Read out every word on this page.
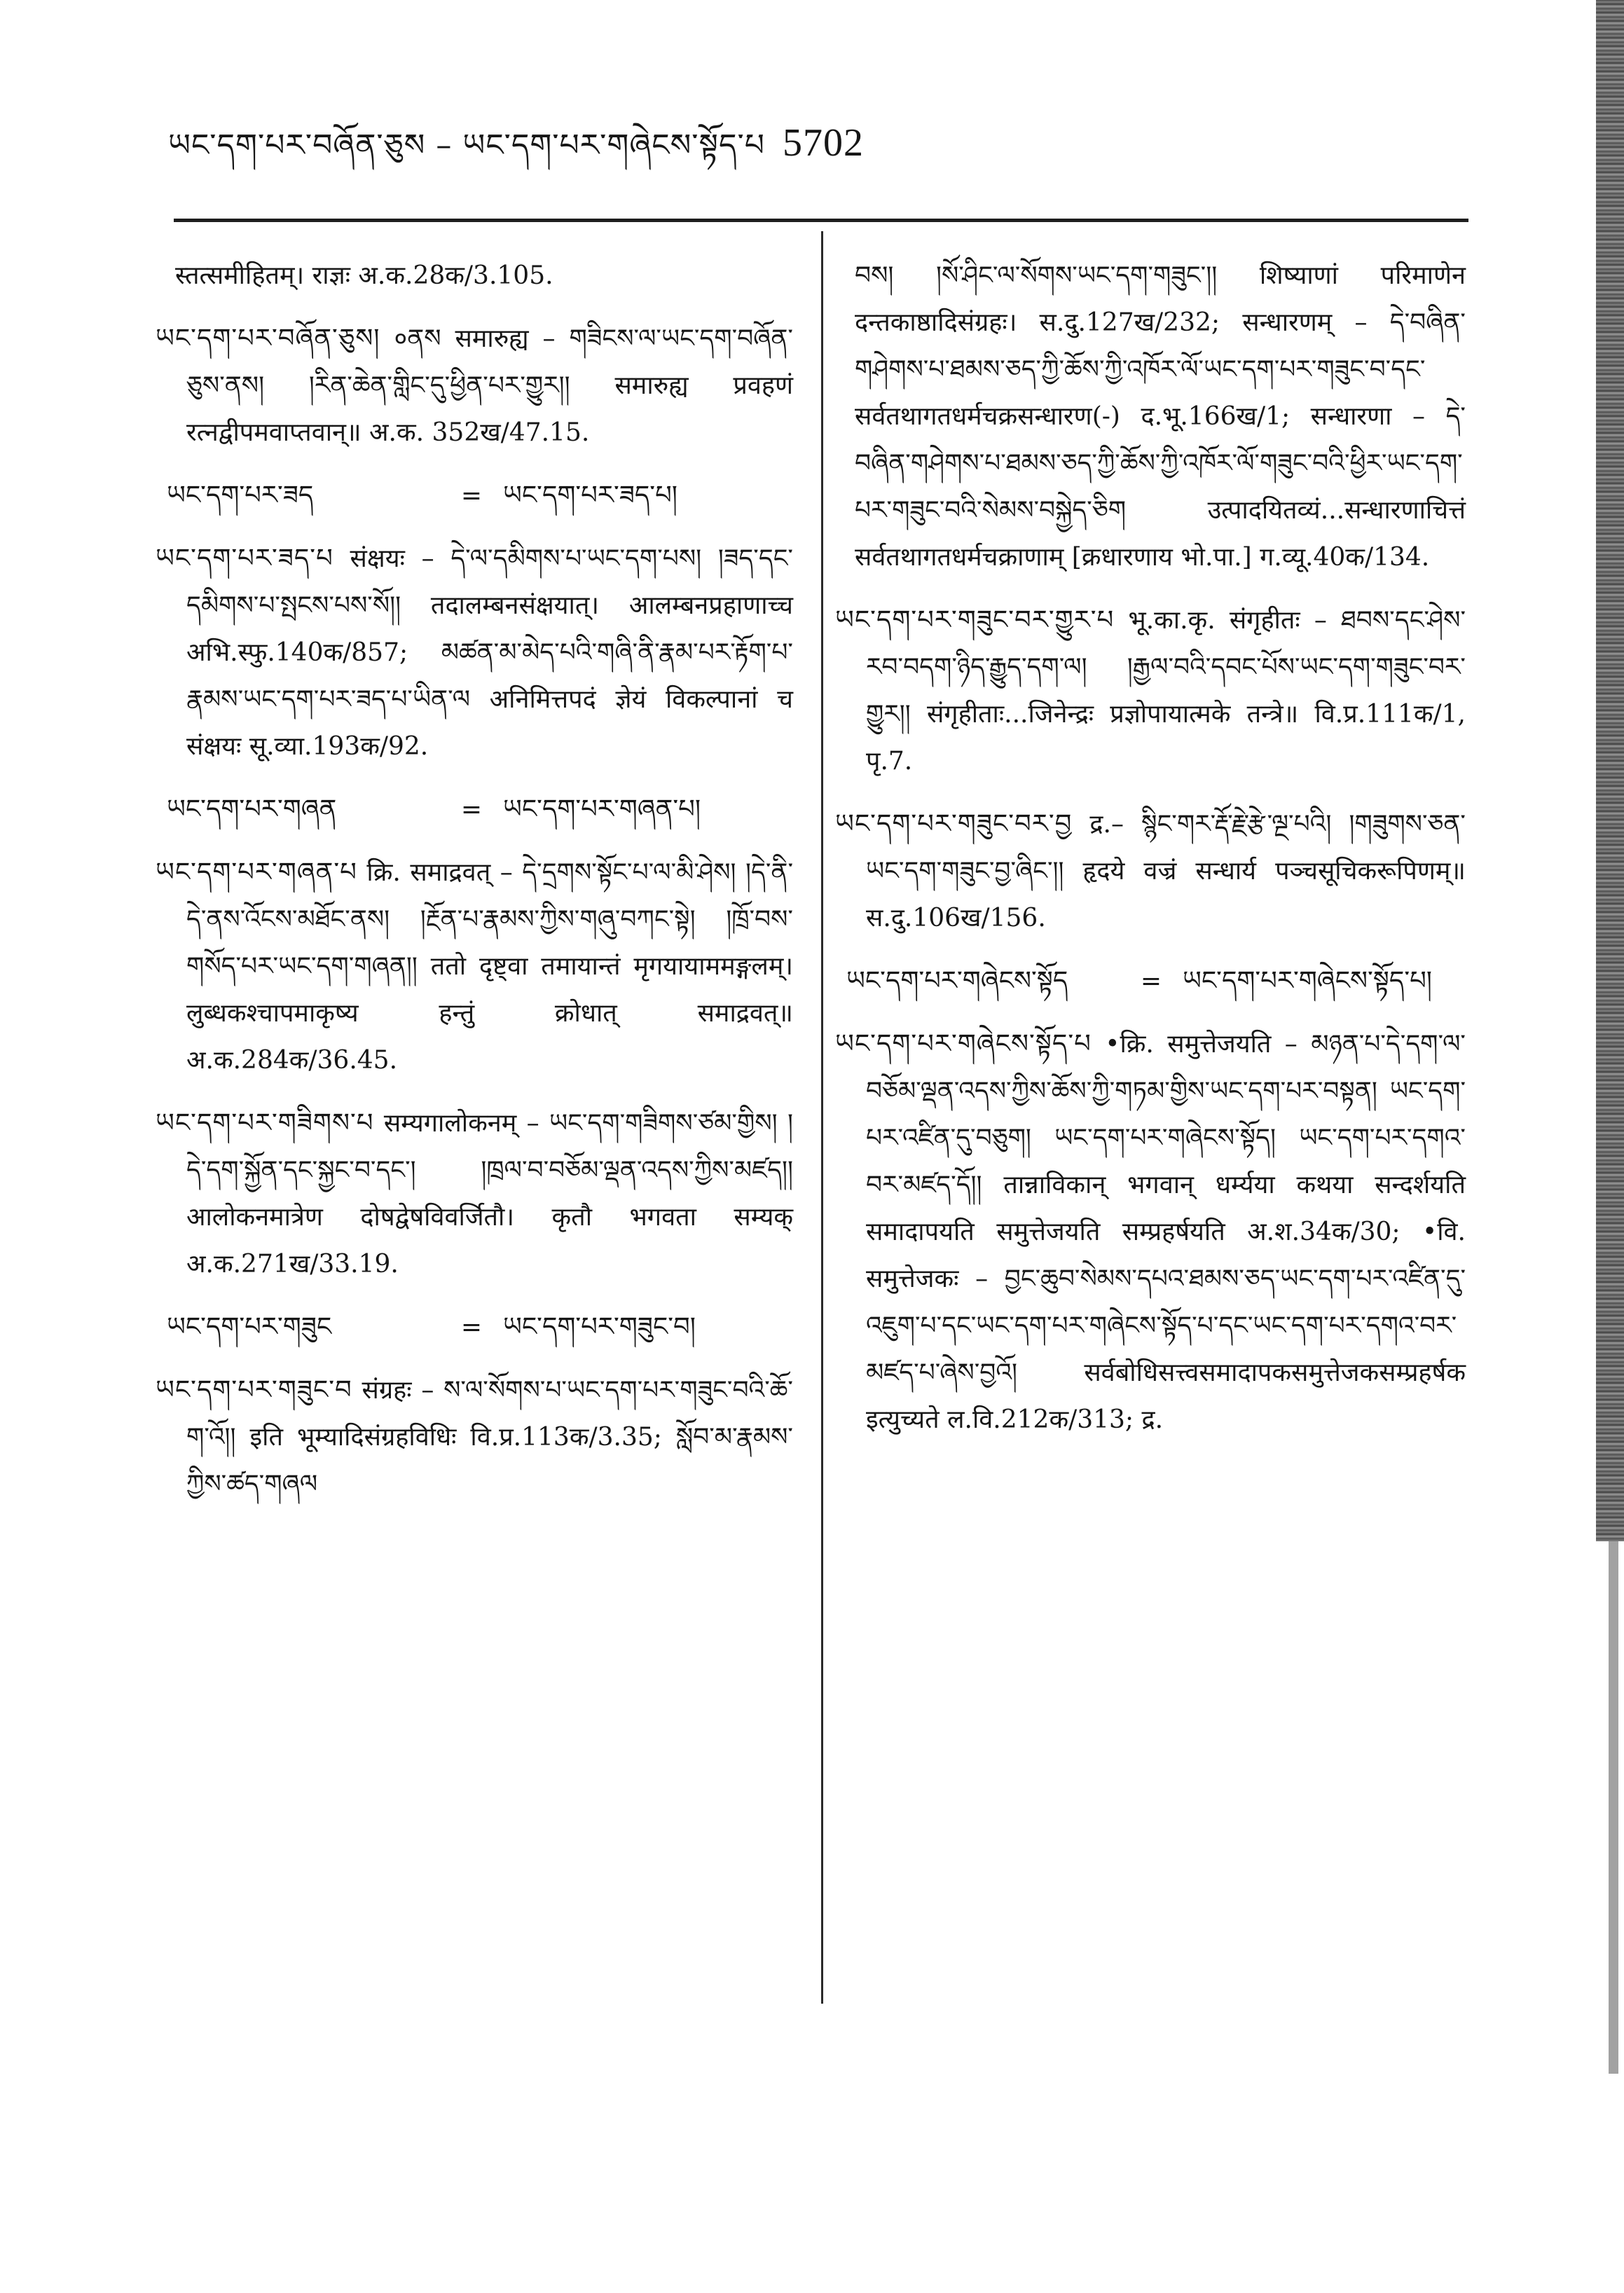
ཡང་དག་པར་བཞོན་ཅུས – ཡང་དག་པར་གཞེངས་སྟོད་པ 5702

स्तत्समीहितम्। राज्ञः अ.क.28क/3.105.

ཡང་དག་པར་བཞོན་ཅུས། ०ནས समारुह्य – གཟིངས་ལ་ཡང་དག་བཞོན་ཅུས་ནས། །རིན་ཆེན་གླིང་དུ་ཕྱིན་པར་གྱུར།། समारुह्य प्रवहणं रत्नद्वीपमवाप्तवान्॥ अ.क. 352ख/47.15.

ཡང་དག་པར་ཟད	= ཡང་དག་པར་ཟད་པ།

ཡང་དག་པར་ཟད་པ संक्षयः – དེ་ལ་དམིགས་པ་ཡང་དག་པས། །ཟད་དང་དམིགས་པ་སྤངས་པས་སོ།། तदालम्बनसंक्षयात्। आलम्बनप्रहाणाच्च अभि.स्फु.140क/857; མཚན་མ་མེད་པའི་གཞི་ནི་རྣམ་པར་རྟོག་པ་རྣམས་ཡང་དག་པར་ཟད་པ་ཡིན་ལ अनिमित्तपदं ज्ञेयं विकल्पानां च संक्षयः सू.व्या.193क/92.

ཡང་དག་པར་གཞན	= ཡང་དག་པར་གཞན་པ།

ཡང་དག་པར་གཞན་པ क्रि. समाद्रवत् – དེ་དྲགས་སྟོང་པ་ལ་མི་ཤེས། །དེ་ནི་དེ་ནས་འོངས་མཐོང་ནས། །རྔོན་པ་རྣམས་ཀྱིས་གཞུ་བཀང་སྟེ། །ཁྲོ་བས་གསོད་པར་ཡང་དག་གཞན།། ततो दृष्ट्वा तमायान्तं मृगयायाममङ्गलम्। लुब्धकश्चापमाकृष्य हन्तुं क्रोधात् समाद्रवत्॥ अ.क.284क/36.45.

ཡང་དག་པར་གཟིགས་པ सम्यगालोकनम् – ཡང་དག་གཟིགས་ཙམ་གྱིས། །དེ་དག་སྐྱོན་དང་སྐྱང་བ་དང་། །ཁྲལ་བ་བཅོམ་ལྡན་འདས་ཀྱིས་མཛད།། आलोकनमात्रेण दोषद्वेषविवर्जितौ। कृतौ भगवता सम्यक् अ.क.271ख/33.19.

ཡང་དག་པར་གཟུང	= ཡང་དག་པར་གཟུང་བ།

ཡང་དག་པར་གཟུང་བ संग्रहः – ས་ལ་སོགས་པ་ཡང་དག་པར་གཟུང་བའི་ཆོ་ག་འོ།། इति भूम्यादिसंग्रहविधिः वि.प्र.113क/3.35; སློབ་མ་རྣམས་ཀྱིས་ཚད་གཞལ

བས། །སོ་ཤིང་ལ་སོགས་ཡང་དག་གཟུང་།། शिष्याणां परिमाणेन दन्तकाष्ठादिसंग्रहः। स.दु.127ख/232; सन्धारणम् – དེ་བཞིན་གཤེགས་པ་ཐམས་ཅད་ཀྱི་ཆོས་ཀྱི་འཁོར་ལོ་ཡང་དག་པར་གཟུང་བ་དང་ सर्वतथागतधर्मचक्रसन्धारण(-) द.भू.166ख/1; सन्धारणा – དེ་བཞིན་གཤེགས་པ་ཐམས་ཅད་ཀྱི་ཆོས་ཀྱི་འཁོར་ལོ་གཟུང་བའི་ཕྱིར་ཡང་དག་པར་གཟུང་བའི་སེམས་བསྐྱེད་ཅིག उत्पादयितव्यं...सन्धारणाचित्तं सर्वतथागतधर्मचक्राणाम् [क्रधारणाय भो.पा.] ग.व्यू.40क/134.

ཡང་དག་པར་གཟུང་བར་གྱུར་པ भू.का.कृ. संगृहीतः – ཐབས་དང་ཤེས་རབ་བདག་ཉིད་རྒྱུད་དག་ལ། །རྒྱལ་བའི་དབང་པོས་ཡང་དག་གཟུང་བར་གྱུར།། संगृहीताः...जिनेन्द्रः प्रज्ञोपायात्मके तन्त्रे॥ वि.प्र.111क/1, पृ.7.

ཡང་དག་པར་གཟུང་བར་བྱ द्र.– སྙིང་གར་རྡོ་རྗེ་རྩེ་ལྔ་པའི། །གཟུགས་ཅན་ཡང་དག་གཟུང་བྱ་ཞིང་།། हृदये वज्रं सन्धार्य पञ्चसूचिकरूपिणम्॥ स.दु.106ख/156.

ཡང་དག་པར་གཞེངས་སྟོད	= ཡང་དག་པར་གཞེངས་སྟོད་པ།

ཡང་དག་པར་གཞེངས་སྟོད་པ •क्रि. समुत्तेजयति – མཉན་པ་དེ་དག་ལ་བཅོམ་ལྡན་འདས་ཀྱིས་ཆོས་ཀྱི་གཏམ་གྱིས་ཡང་དག་པར་བསྟན། ཡང་དག་པར་འཛིན་དུ་བཅུག། ཡང་དག་པར་གཞེངས་སྟོད། ཡང་དག་པར་དགའ་བར་མཛད་དོ།། तान्नाविकान् भगवान् धर्म्यया कथया सन्दर्शयति समादापयति समुत्तेजयति सम्प्रहर्षयति अ.श.34क/30; •वि. समुत्तेजकः – བྱང་ཆུབ་སེམས་དཔའ་ཐམས་ཅད་ཡང་དག་པར་འཛིན་དུ་འཇུག་པ་དང་ཡང་དག་པར་གཞེངས་སྟོད་པ་དང་ཡང་དག་པར་དགའ་བར་མཛད་པ་ཞེས་བྱའོ། सर्वबोधिसत्त्वसमादापकसमुत्तेजकसम्प्रहर्षक इत्युच्यते ल.वि.212क/313; द्र.
